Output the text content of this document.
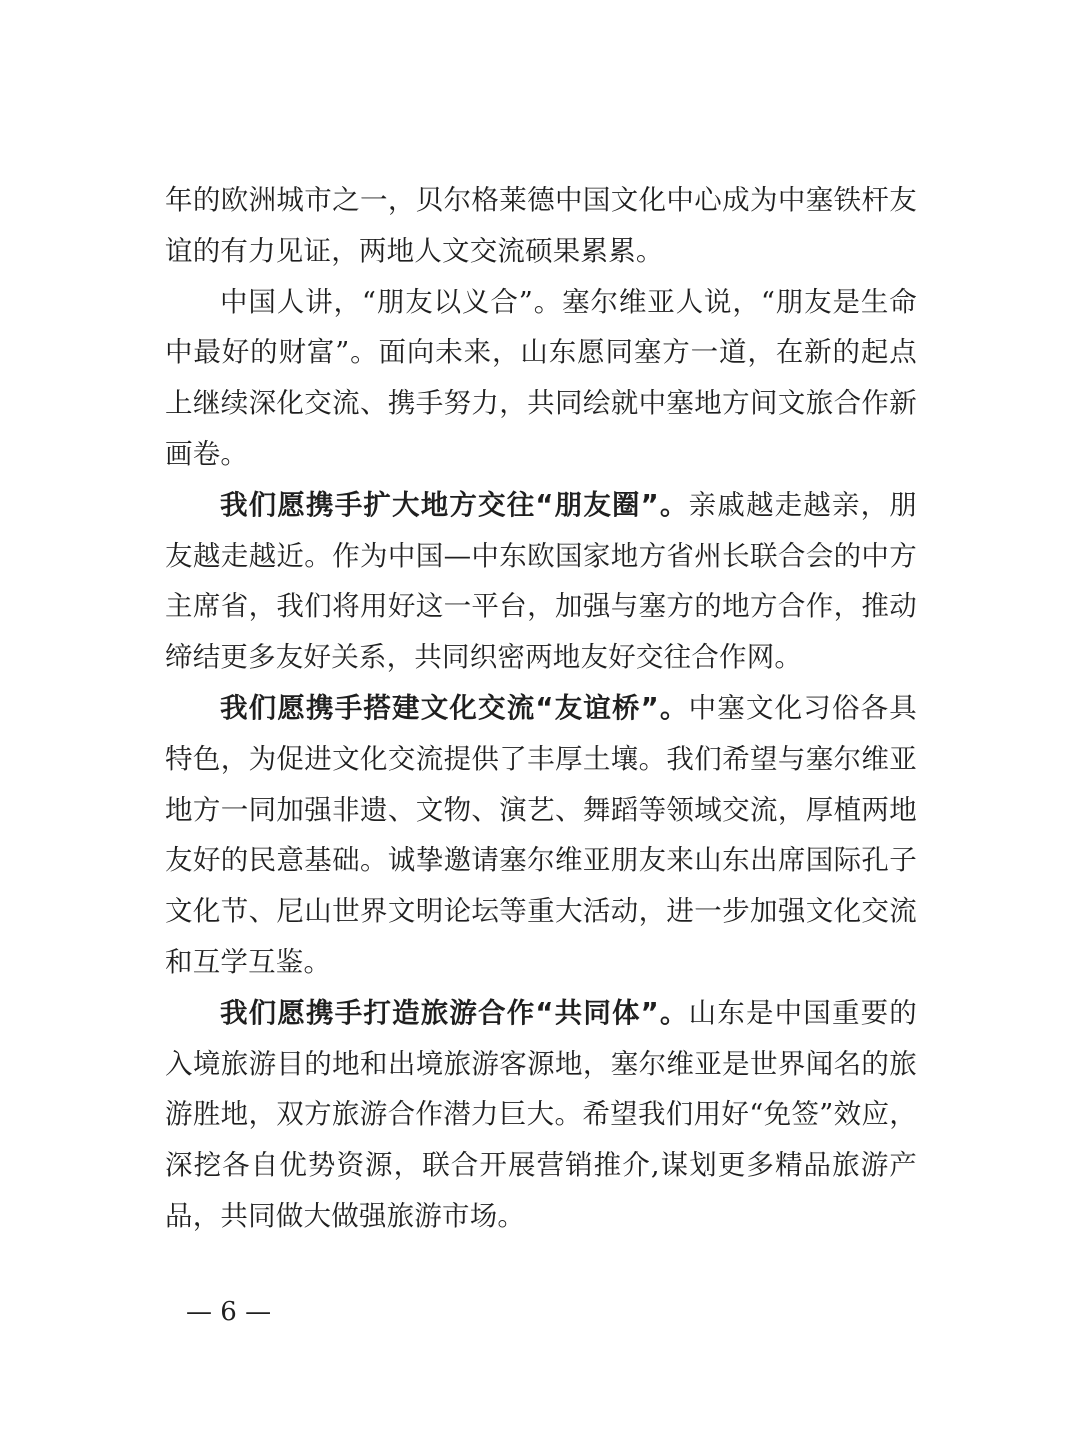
年的欧洲城市之一，贝尔格莱德中国文化中心成为中塞铁杆友谊的有力见证，两地人文交流硕果累累。

中国人讲，“朋友以义合”。塞尔维亚人说，“朋友是生命中最好的财富”。面向未来，山东愿同塞方一道，在新的起点上继续深化交流、携手努力，共同绘就中塞地方间文旅合作新画卷。

我们愿携手扩大地方交往“朋友圈”。亲戚越走越亲，朋友越走越近。作为中国—中东欧国家地方省州长联合会的中方主席省，我们将用好这一平台，加强与塞方的地方合作，推动缔结更多友好关系，共同织密两地友好交往合作网。

我们愿携手搭建文化交流“友谊桥”。中塞文化习俗各具特色，为促进文化交流提供了丰厚土壤。我们希望与塞尔维亚地方一同加强非遗、文物、演艺、舞蹈等领域交流，厚植两地友好的民意基础。诚挚邀请塞尔维亚朋友来山东出席国际孔子文化节、尼山世界文明论坛等重大活动，进一步加强文化交流和互学互鉴。

我们愿携手打造旅游合作“共同体”。山东是中国重要的入境旅游目的地和出境旅游客源地，塞尔维亚是世界闻名的旅游胜地，双方旅游合作潜力巨大。希望我们用好“免签”效应，深挖各自优势资源，联合开展营销推介,谋划更多精品旅游产品，共同做大做强旅游市场。

— 6 —
